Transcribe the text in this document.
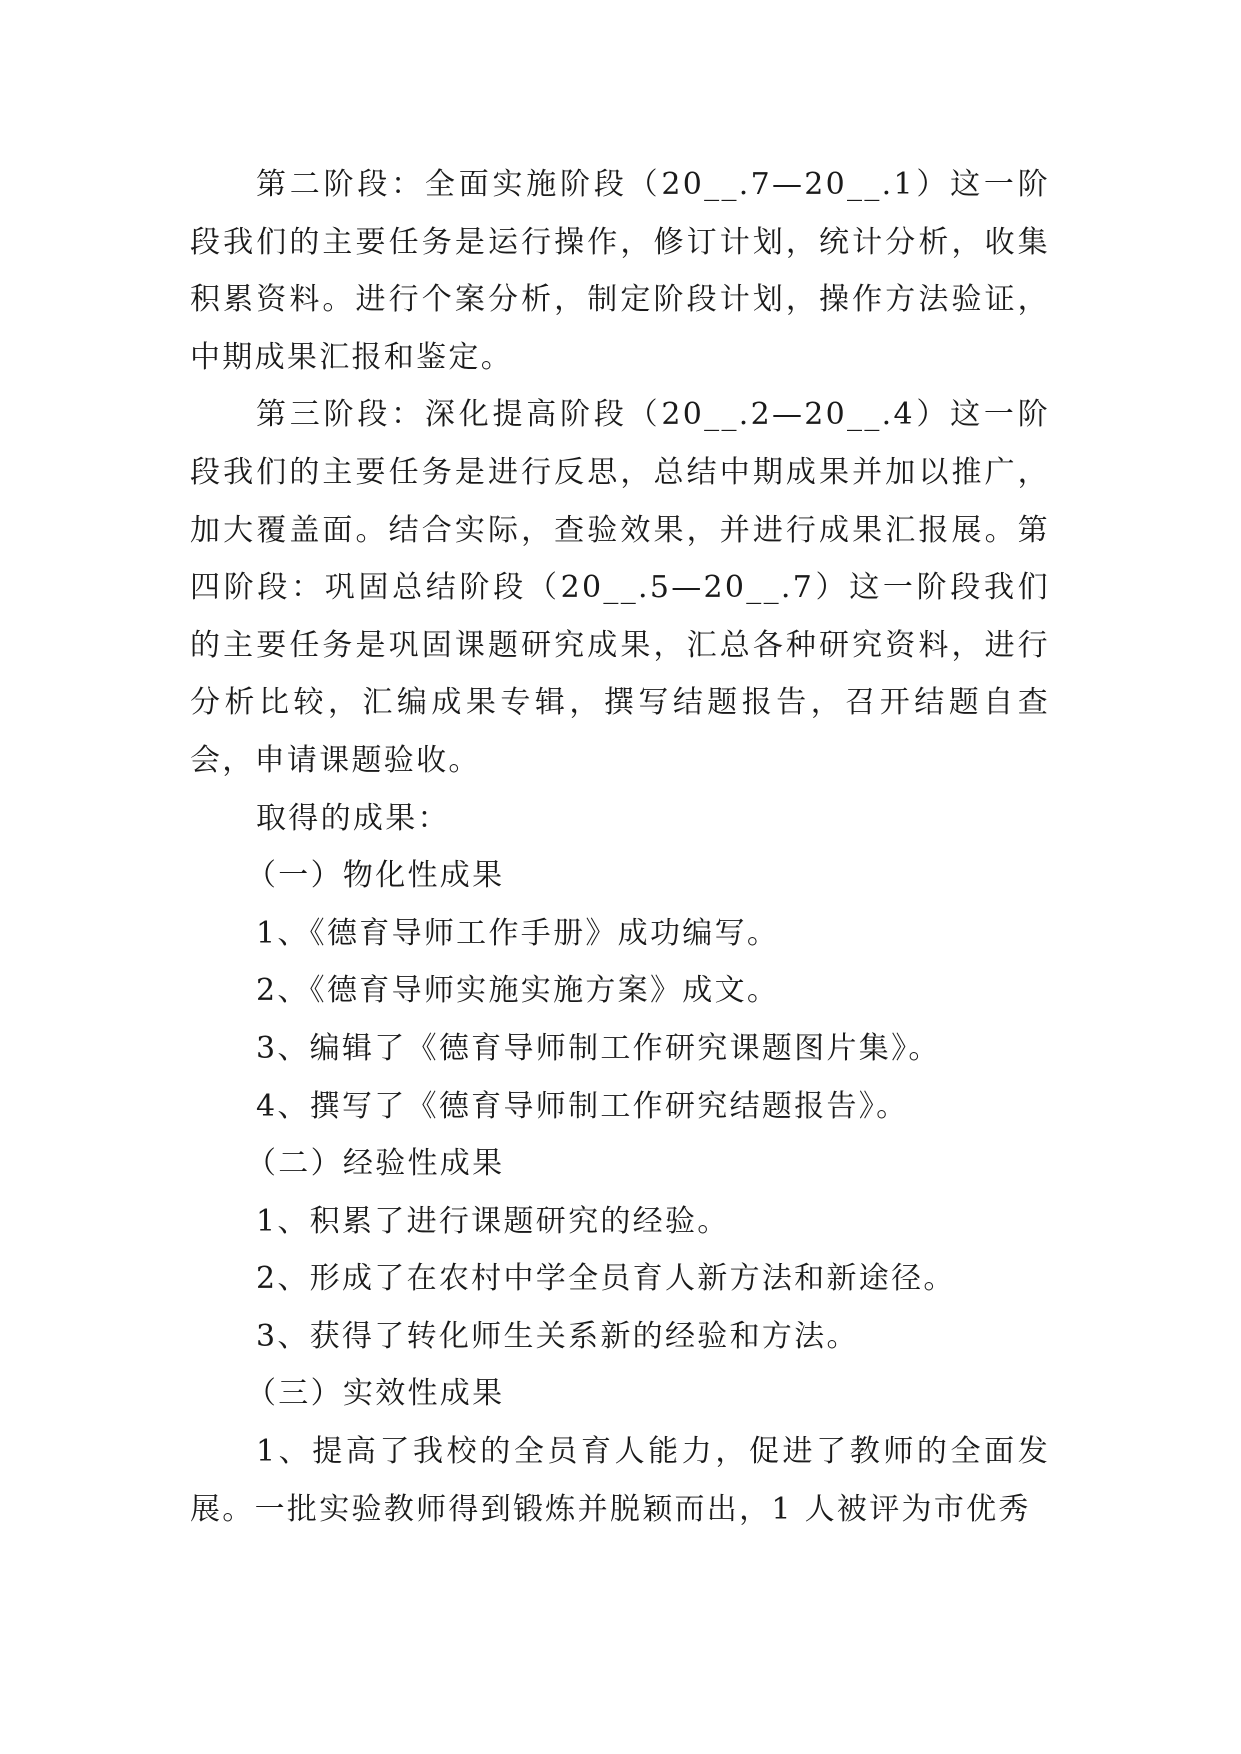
第二阶段：全面实施阶段（20__.7—20__.1）这一阶段我们的主要任务是运行操作，修订计划，统计分析，收集积累资料。进行个案分析，制定阶段计划，操作方法验证，中期成果汇报和鉴定。

第三阶段：深化提高阶段（20__.2—20__.4）这一阶段我们的主要任务是进行反思，总结中期成果并加以推广，加大覆盖面。结合实际，查验效果，并进行成果汇报展。第四阶段：巩固总结阶段（20__.5—20__.7）这一阶段我们的主要任务是巩固课题研究成果，汇总各种研究资料，进行分析比较，汇编成果专辑，撰写结题报告，召开结题自查会，申请课题验收。

取得的成果：

（一）物化性成果

1、《德育导师工作手册》成功编写。

2、《德育导师实施实施方案》成文。

3、编辑了《德育导师制工作研究课题图片集》。

4、撰写了《德育导师制工作研究结题报告》。

（二）经验性成果

1、积累了进行课题研究的经验。

2、形成了在农村中学全员育人新方法和新途径。

3、获得了转化师生关系新的经验和方法。

（三）实效性成果

1、提高了我校的全员育人能力，促进了教师的全面发展。一批实验教师得到锻炼并脱颖而出，1 人被评为市优秀
